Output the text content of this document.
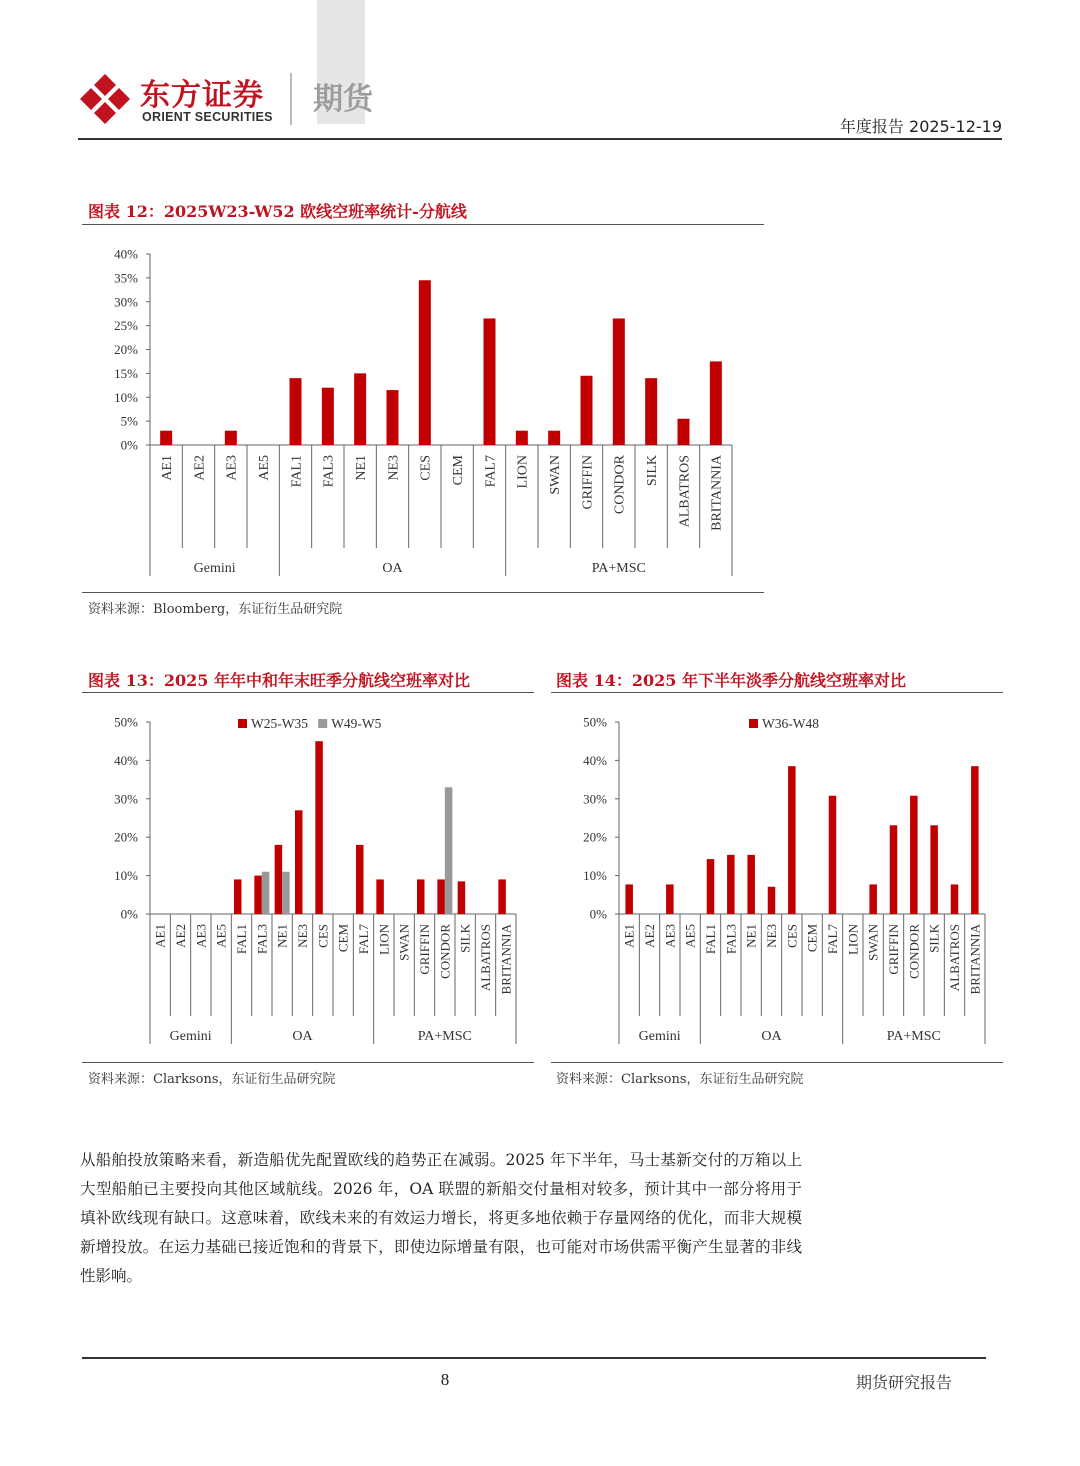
东方证券
ORIENT SECURITIES 期货
年度报告 2025-12-19
图表 12：2025W23-W52 欧线空班率统计-分航线
0%
5%
10%
15%
20%
25%
30%
35%
40%
AE1 AE2 AE3 AE5 FAL1 FAL3 NE1 NE3 CES CEM FAL7 LION SWAN GRIFFIN CONDOR SILK ALBATROS BRITANNIA
Gemini	OA	PA+MSC
资料来源：Bloomberg，东证衍生品研究院
图表 13：2025 年年中和年末旺季分航线空班率对比
0%
10%
20%
30%
40%
50%
AE1 AE2 AE3 AE5 FAL1 FAL3 NE1 NE3 CES CEM FAL7 LION SWAN GRIFFIN CONDOR SILK ALBATROS BRITANNIA
Gemini	OA	PA+MSC
W25-W35 W49-W5
资料来源：Clarksons，东证衍生品研究院
图表 14：2025 年下半年淡季分航线空班率对比
0%
10%
20%
30%
40%
50%
AE1 AE2 AE3 AE5 FAL1 FAL3 NE1 NE3 CES CEM FAL7 LION SWAN GRIFFIN CONDOR SILK ALBATROS BRITANNIA
Gemini	OA	PA+MSC
W36-W48
资料来源：Clarksons，东证衍生品研究院
从船舶投放策略来看，新造船优先配置欧线的趋势正在减弱。2025 年下半年，马士基新交付的万箱以上大型船舶已主要投向其他区域航线。2026 年，OA 联盟的新船交付量相对较多，预计其中一部分将用于填补欧线现有缺口。这意味着，欧线未来的有效运力增长，将更多地依赖于存量网络的优化，而非大规模新增投放。在运力基础已接近饱和的背景下，即使边际增量有限，也可能对市场供需平衡产生显著的非线性影响。
8	期货研究报告
